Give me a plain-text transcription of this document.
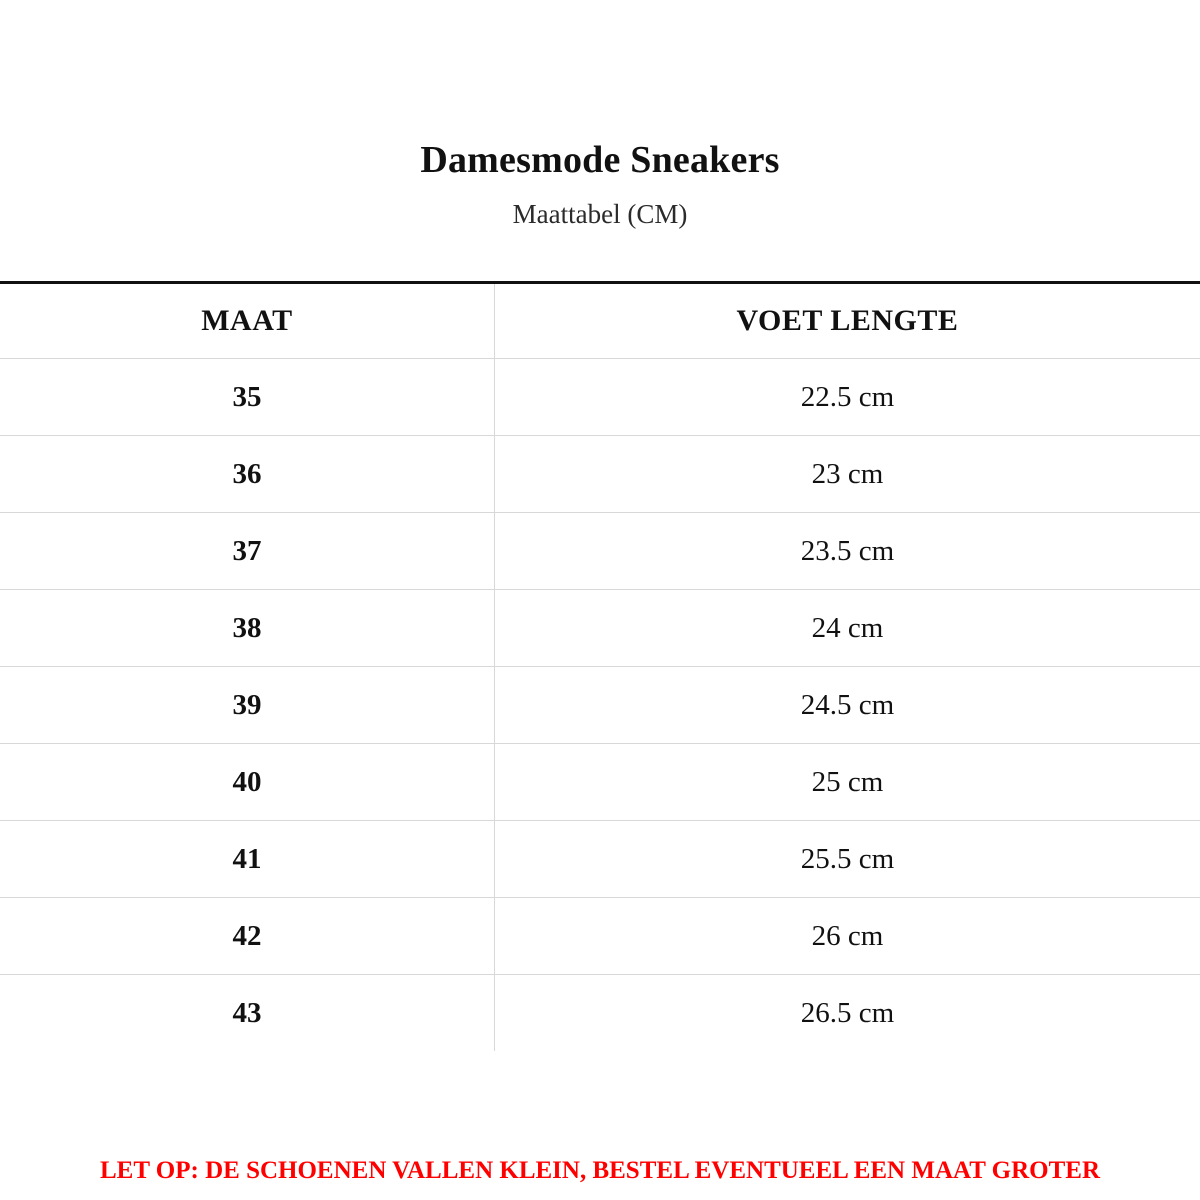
Damesmode Sneakers

Maattabel (CM)

MAAT	VOET LENGTE
35	22.5 cm
36	23 cm
37	23.5 cm
38	24 cm
39	24.5 cm
40	25 cm
41	25.5 cm
42	26 cm
43	26.5 cm
LET OP: DE SCHOENEN VALLEN KLEIN, BESTEL EVENTUEEL EEN MAAT GROTER
